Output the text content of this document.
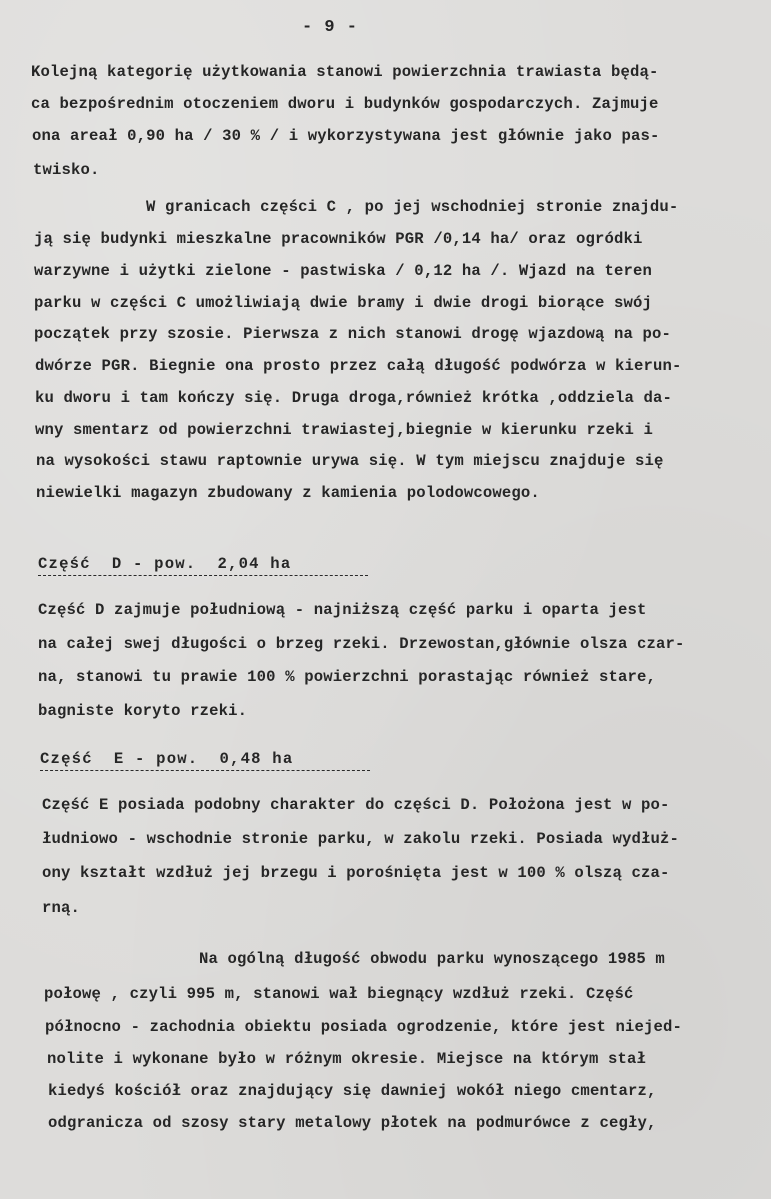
- 9 -
Kolejną kategorię użytkowania stanowi powierzchnia trawiasta będą-
ca bezpośrednim otoczeniem dworu i budynków gospodarczych. Zajmuje
ona areał 0,90 ha / 30 % / i wykorzystywana jest głównie jako pas-
twisko.
W granicach części C , po jej wschodniej stronie znajdu-
ją się budynki mieszkalne pracowników PGR /0,14 ha/ oraz ogródki
warzywne i użytki zielone - pastwiska / 0,12 ha /. Wjazd na teren
parku w części C umożliwiają dwie bramy i dwie drogi biorące swój
początek przy szosie. Pierwsza z nich stanowi drogę wjazdową na po-
dwórze PGR. Biegnie ona prosto przez całą długość podwórza w kierun-
ku dworu i tam kończy się. Druga droga,również krótka ,oddziela da-
wny smentarz od powierzchni trawiastej,biegnie w kierunku rzeki i
na wysokości stawu raptownie urywa się. W tym miejscu znajduje się
niewielki magazyn zbudowany z kamienia polodowcowego.
Część  D - pow.  2,04 ha
Część D zajmuje południową - najniższą część parku i oparta jest
na całej swej długości o brzeg rzeki. Drzewostan,głównie olsza czar-
na, stanowi tu prawie 100 % powierzchni porastając również stare,
bagniste koryto rzeki.
Część  E - pow.  0,48 ha
Część E posiada podobny charakter do części D. Położona jest w po-
łudniowo - wschodnie stronie parku, w zakolu rzeki. Posiada wydłuż-
ony kształt wzdłuż jej brzegu i porośnięta jest w 100 % olszą cza-
rną.
Na ogólną długość obwodu parku wynoszącego 1985 m
połowę , czyli 995 m, stanowi wał biegnący wzdłuż rzeki. Część
północno - zachodnia obiektu posiada ogrodzenie, które jest niejed-
nolite i wykonane było w różnym okresie. Miejsce na którym stał
kiedyś kościół oraz znajdujący się dawniej wokół niego cmentarz,
odgranicza od szosy stary metalowy płotek na podmurówce z cegły,
